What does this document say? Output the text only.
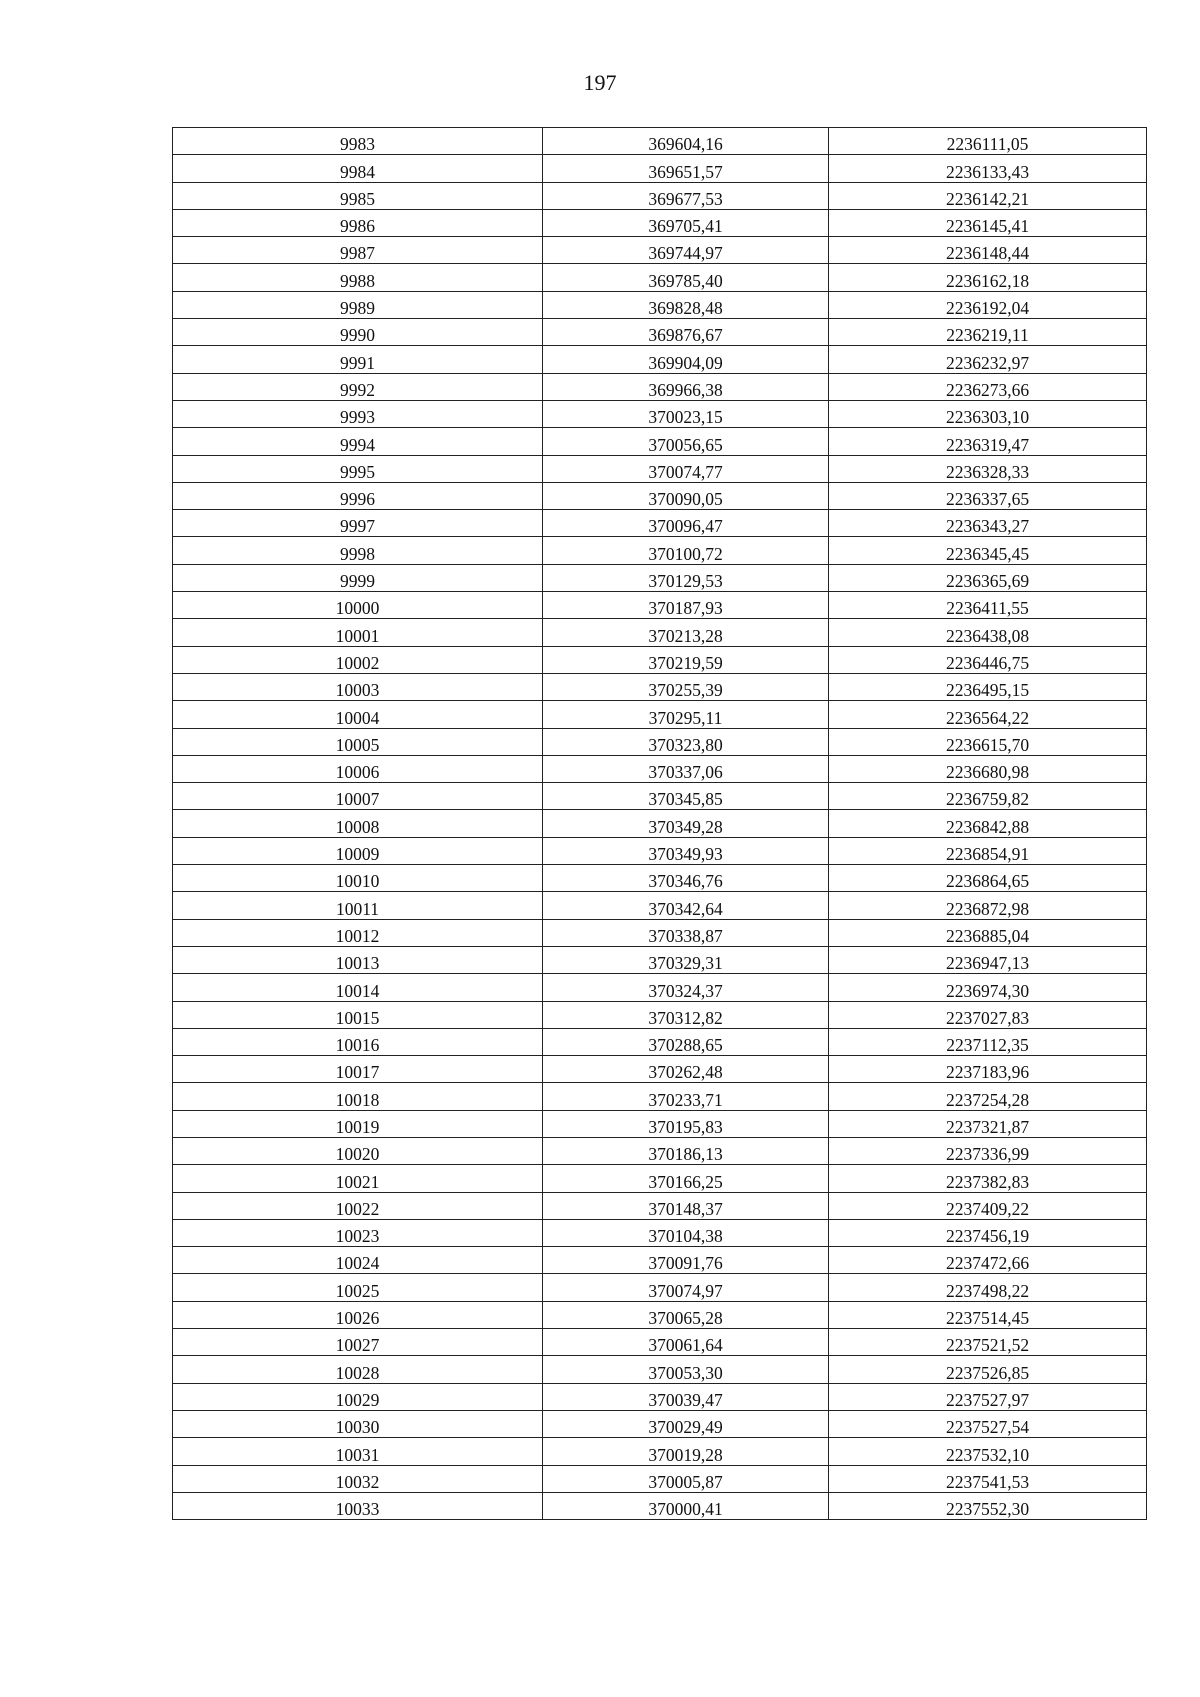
197
9983	369604,16	2236111,05
9984	369651,57	2236133,43
9985	369677,53	2236142,21
9986	369705,41	2236145,41
9987	369744,97	2236148,44
9988	369785,40	2236162,18
9989	369828,48	2236192,04
9990	369876,67	2236219,11
9991	369904,09	2236232,97
9992	369966,38	2236273,66
9993	370023,15	2236303,10
9994	370056,65	2236319,47
9995	370074,77	2236328,33
9996	370090,05	2236337,65
9997	370096,47	2236343,27
9998	370100,72	2236345,45
9999	370129,53	2236365,69
10000	370187,93	2236411,55
10001	370213,28	2236438,08
10002	370219,59	2236446,75
10003	370255,39	2236495,15
10004	370295,11	2236564,22
10005	370323,80	2236615,70
10006	370337,06	2236680,98
10007	370345,85	2236759,82
10008	370349,28	2236842,88
10009	370349,93	2236854,91
10010	370346,76	2236864,65
10011	370342,64	2236872,98
10012	370338,87	2236885,04
10013	370329,31	2236947,13
10014	370324,37	2236974,30
10015	370312,82	2237027,83
10016	370288,65	2237112,35
10017	370262,48	2237183,96
10018	370233,71	2237254,28
10019	370195,83	2237321,87
10020	370186,13	2237336,99
10021	370166,25	2237382,83
10022	370148,37	2237409,22
10023	370104,38	2237456,19
10024	370091,76	2237472,66
10025	370074,97	2237498,22
10026	370065,28	2237514,45
10027	370061,64	2237521,52
10028	370053,30	2237526,85
10029	370039,47	2237527,97
10030	370029,49	2237527,54
10031	370019,28	2237532,10
10032	370005,87	2237541,53
10033	370000,41	2237552,30
